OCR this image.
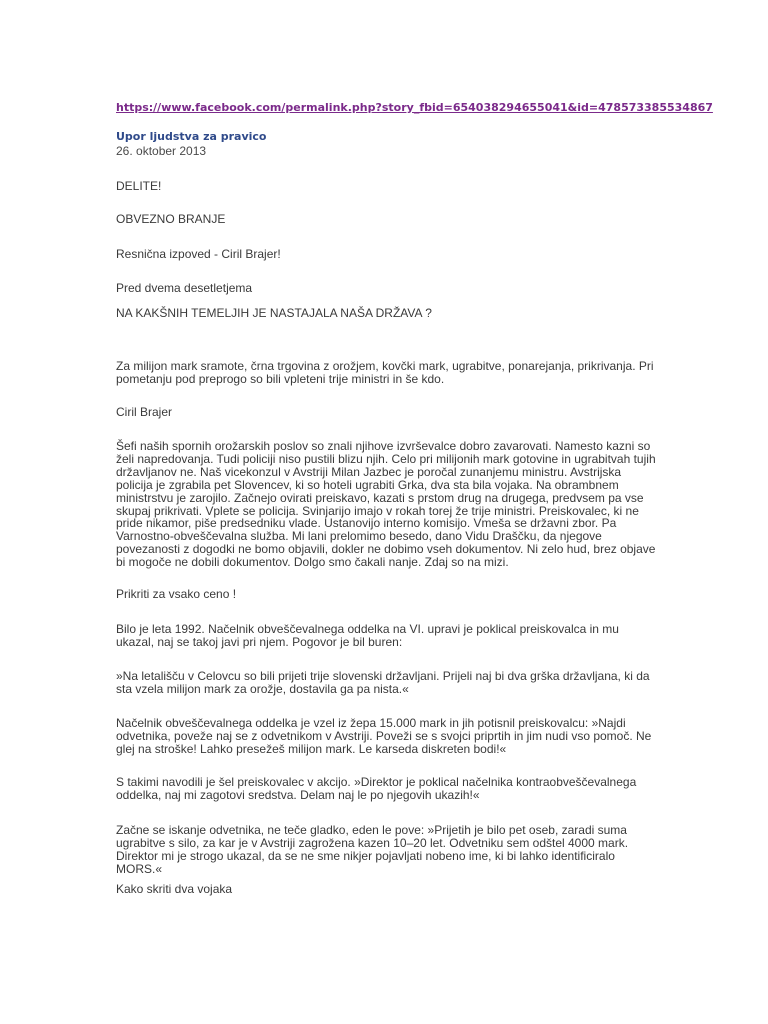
https://www.facebook.com/permalink.php?story_fbid=654038294655041&id=478573385534867
Upor ljudstva za pravico
26. oktober 2013

DELITE!

OBVEZNO BRANJE

Resnična izpoved - Ciril Brajer!

Pred dvema desetletjema

NA KAKŠNIH TEMELJIH JE NASTAJALA NAŠA DRŽAVA ?

Za milijon mark sramote, črna trgovina z orožjem, kovčki mark, ugrabitve, ponarejanja, prikrivanja. Pri pometanju pod preprogo so bili vpleteni trije ministri in še kdo.

Ciril Brajer

Šefi naših spornih orožarskih poslov so znali njihove izvrševalce dobro zavarovati. Namesto kazni so želi napredovanja. Tudi policiji niso pustili blizu njih. Celo pri milijonih mark gotovine in ugrabitvah tujih državljanov ne. Naš vicekonzul v Avstriji Milan Jazbec je poročal zunanjemu ministru. Avstrijska policija je zgrabila pet Slovencev, ki so hoteli ugrabiti Grka, dva sta bila vojaka. Na obrambnem ministrstvu je zarojilo. Začnejo ovirati preiskavo, kazati s prstom drug na drugega, predvsem pa vse skupaj prikrivati. Vplete se policija. Svinjarijo imajo v rokah torej že trije ministri. Preiskovalec, ki ne pride nikamor, piše predsedniku vlade. Ustanovijo interno komisijo. Vmeša se državni zbor. Pa Varnostno-obveščevalna služba. Mi lani prelomimo besedo, dano Vidu Draščku, da njegove povezanosti z dogodki ne bomo objavili, dokler ne dobimo vseh dokumentov. Ni zelo hud, brez objave bi mogoče ne dobili dokumentov. Dolgo smo čakali nanje. Zdaj so na mizi.

Prikriti za vsako ceno !

Bilo je leta 1992. Načelnik obveščevalnega oddelka na VI. upravi je poklical preiskovalca in mu ukazal, naj se takoj javi pri njem. Pogovor je bil buren:

»Na letališču v Celovcu so bili prijeti trije slovenski državljani. Prijeli naj bi dva grška državljana, ki da sta vzela milijon mark za orožje, dostavila ga pa nista.«

Načelnik obveščevalnega oddelka je vzel iz žepa 15.000 mark in jih potisnil preiskovalcu: »Najdi odvetnika, poveže naj se z odvetnikom v Avstriji. Poveži se s svojci priprtih in jim nudi vso pomoč. Ne glej na stroške! Lahko presežeš milijon mark. Le karseda diskreten bodi!«

S takimi navodili je šel preiskovalec v akcijo. »Direktor je poklical načelnika kontraobveščevalnega oddelka, naj mi zagotovi sredstva. Delam naj le po njegovih ukazih!«

Začne se iskanje odvetnika, ne teče gladko, eden le pove: »Prijetih je bilo pet oseb, zaradi suma ugrabitve s silo, za kar je v Avstriji zagrožena kazen 10–20 let. Odvetniku sem odštel 4000 mark. Direktor mi je strogo ukazal, da se ne sme nikjer pojavljati nobeno ime, ki bi lahko identificiralo MORS.«

Kako skriti dva vojaka
